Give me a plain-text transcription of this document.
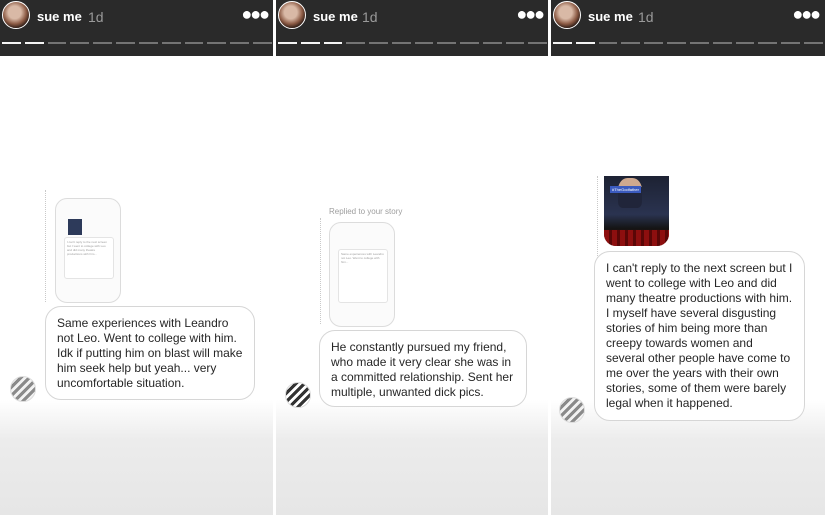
sue me 1d	●●●
I can't reply to the next screen but I went to college with Leo and did many theatre productions with him...
Same experiences with Leandro not Leo. Went to college with him. Idk if putting him on blast will make him seek help but yeah... very uncomfortable situation.
sue me 1d	●●●
Replied to your story
Same experiences with Leandro not Leo. Went to college with him...
He constantly pursued my friend, who made it very clear she was in a committed relationship. Sent her multiple, unwanted dick pics.
sue me 1d	●●●
#TheGodfather
I can't reply to the next screen but I went to college with Leo and did many theatre productions with him. I myself have several disgusting stories of him being more than creepy towards women and several other people have come to me over the years with their own stories, some of them were barely legal when it happened.
